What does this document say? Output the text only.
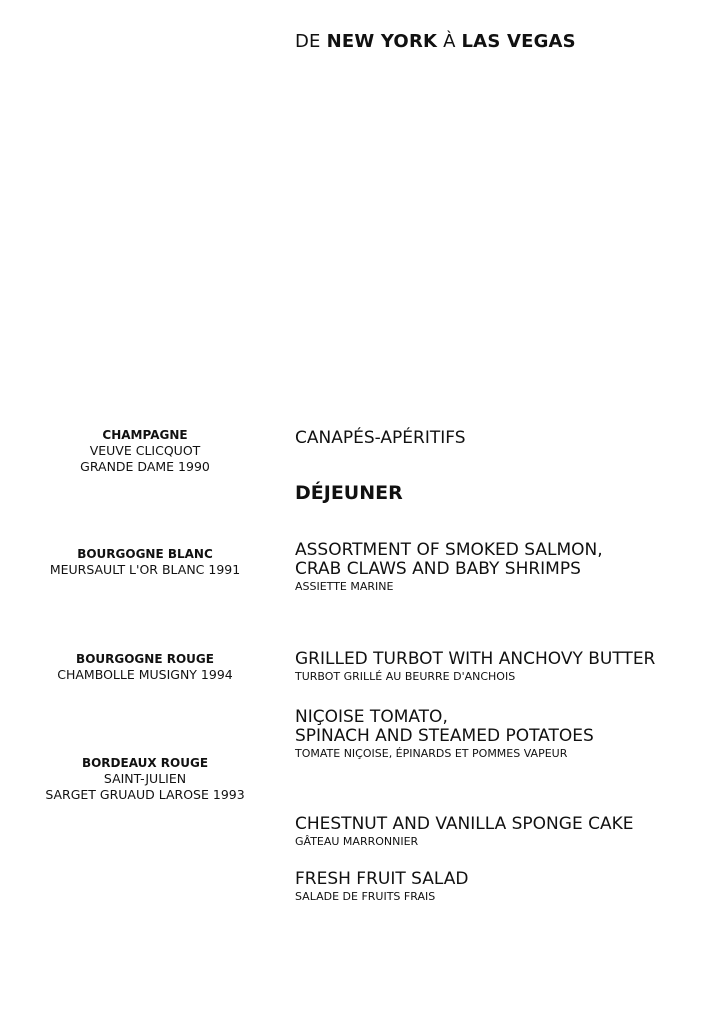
DE NEW YORK À LAS VEGAS
CHAMPAGNE
VEUVE CLICQUOT
GRANDE DAME 1990
BOURGOGNE BLANC
MEURSAULT L'OR BLANC 1991
BOURGOGNE ROUGE
CHAMBOLLE MUSIGNY 1994
BORDEAUX ROUGE
SAINT-JULIEN
SARGET GRUAUD LAROSE 1993
CANAPÉS-APÉRITIFS
DÉJEUNER
ASSORTMENT OF SMOKED SALMON,
CRAB CLAWS AND BABY SHRIMPS
ASSIETTE MARINE
GRILLED TURBOT WITH ANCHOVY BUTTER
TURBOT GRILLÉ AU BEURRE D'ANCHOIS
NIÇOISE TOMATO,
SPINACH AND STEAMED POTATOES
TOMATE NIÇOISE, ÉPINARDS ET POMMES VAPEUR
CHESTNUT AND VANILLA SPONGE CAKE
GÂTEAU MARRONNIER
FRESH FRUIT SALAD
SALADE DE FRUITS FRAIS
